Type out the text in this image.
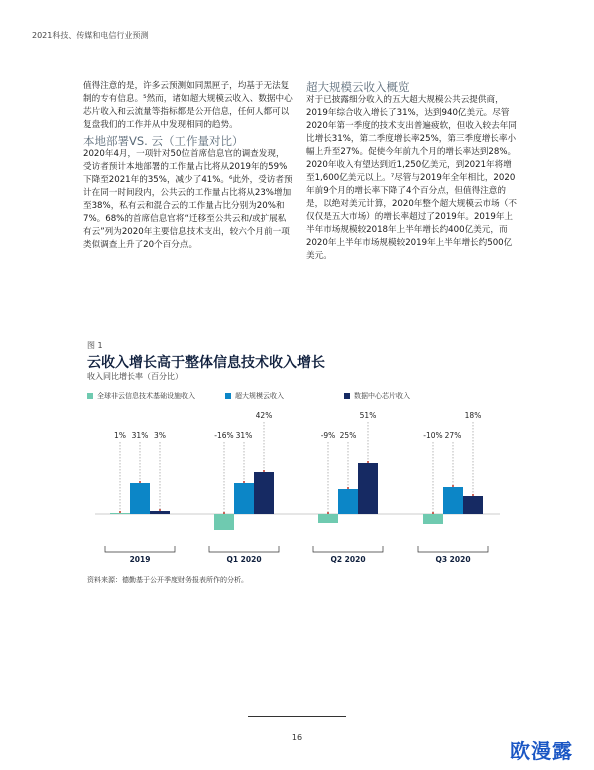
2021科技、传媒和电信行业预测

值得注意的是，许多云预测如同黑匣子，均基于无法复制的专有信息。⁵然而，诸如超大规模云收入、数据中心芯片收入和云流量等指标都是公开信息，任何人都可以复盘我们的工作并从中发现相同的趋势。

本地部署VS. 云（工作量对比）

2020年4月，一项针对50位首席信息官的调查发现，受访者预计本地部署的工作量占比将从2019年的59%下降至2021年的35%，减少了41%。⁶此外，受访者预计在同一时间段内，公共云的工作量占比将从23%增加至38%，私有云和混合云的工作量占比分别为20%和7%。68%的首席信息官将“迁移至公共云和/或扩展私有云”列为2020年主要信息技术支出，较六个月前一项类似调查上升了20个百分点。

超大规模云收入概览

对于已披露细分收入的五大超大规模公共云提供商，2019年综合收入增长了31%，达到940亿美元。尽管2020年第一季度的技术支出普遍疲软，但收入较去年同比增长31%，第二季度增长率25%，第三季度增长率小幅上升至27%。促使今年前九个月的增长率达到28%。2020年收入有望达到近1,250亿美元，到2021年将增至1,600亿美元以上。⁷尽管与2019年全年相比，2020年前9个月的增长率下降了4个百分点，但值得注意的是，以绝对美元计算，2020年整个超大规模云市场（不仅仅是五大市场）的增长率超过了2019年。2019年上半年市场规模较2018年上半年增长约400亿美元，而2020年上半年市场规模较2019年上半年增长约500亿美元。

图 1
云收入增长高于整体信息技术收入增长
收入同比增长率（百分比）
全球非云信息技术基础设施收入	超大规模云收入	数据中心芯片收入
1% 31% 3%
2019
-16% 31%
42%
Q1 2020
-9% 25%
51%
Q2 2020
-10% 27%
18%
Q3 2020
资料来源：德勤基于公开季度财务报表所作的分析。
16
欧漫露
